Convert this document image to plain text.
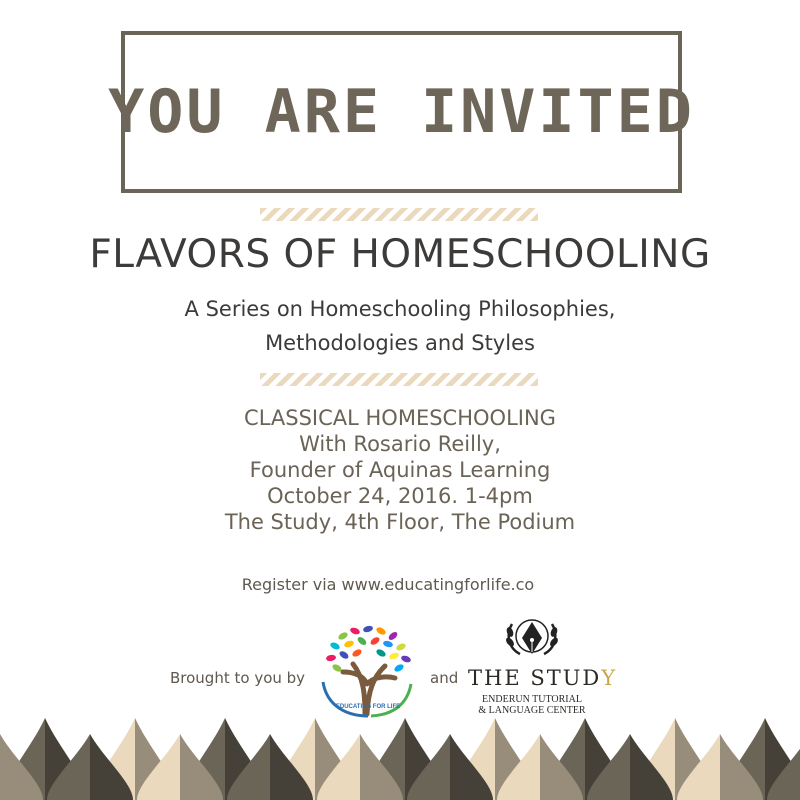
YOU ARE INVITED
FLAVORS OF HOMESCHOOLING
A Series on Homeschooling Philosophies,
Methodologies and Styles
CLASSICAL HOMESCHOOLING
With Rosario Reilly,
Founder of Aquinas Learning
October 24, 2016. 1-4pm
The Study, 4th Floor, The Podium
Register via www.educatingforlife.co
Brought to you by
EDUCATING FOR LIFE
and THE STUDY
ENDERUN TUTORIAL
& LANGUAGE CENTER
